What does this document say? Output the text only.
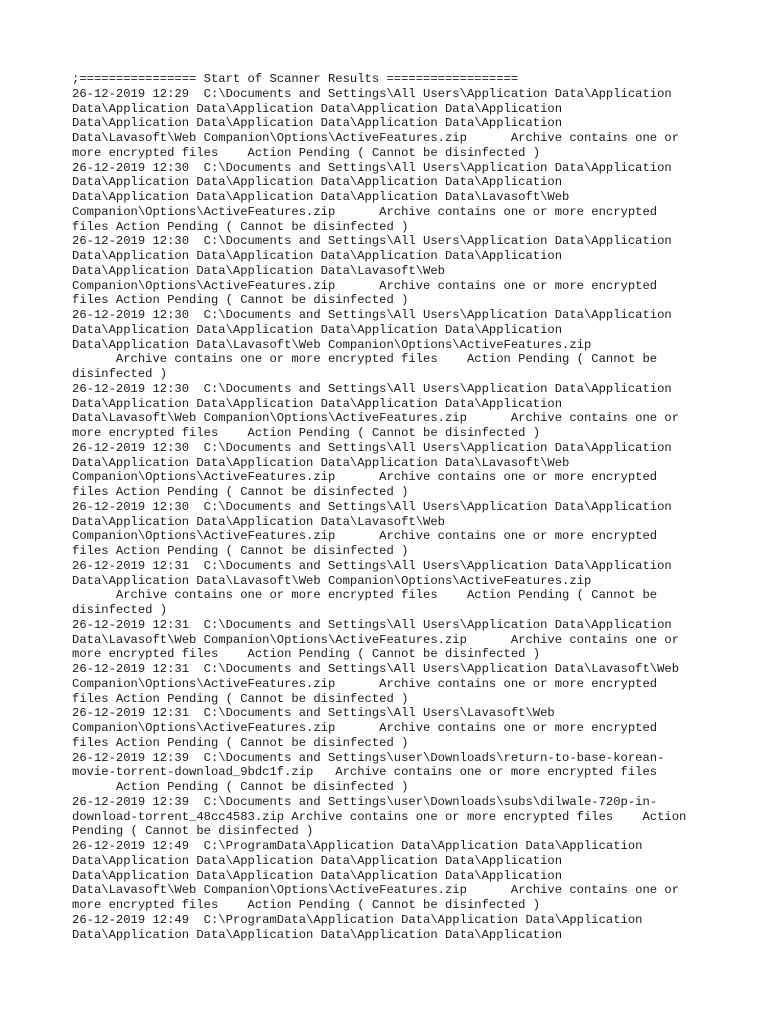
;================ Start of Scanner Results ==================
26-12-2019 12:29  C:\Documents and Settings\All Users\Application Data\Application
Data\Application Data\Application Data\Application Data\Application
Data\Application Data\Application Data\Application Data\Application
Data\Lavasoft\Web Companion\Options\ActiveFeatures.zip      Archive contains one or
more encrypted files    Action Pending ( Cannot be disinfected )
26-12-2019 12:30  C:\Documents and Settings\All Users\Application Data\Application
Data\Application Data\Application Data\Application Data\Application
Data\Application Data\Application Data\Application Data\Lavasoft\Web
Companion\Options\ActiveFeatures.zip      Archive contains one or more encrypted
files Action Pending ( Cannot be disinfected )
26-12-2019 12:30  C:\Documents and Settings\All Users\Application Data\Application
Data\Application Data\Application Data\Application Data\Application
Data\Application Data\Application Data\Lavasoft\Web
Companion\Options\ActiveFeatures.zip      Archive contains one or more encrypted
files Action Pending ( Cannot be disinfected )
26-12-2019 12:30  C:\Documents and Settings\All Users\Application Data\Application
Data\Application Data\Application Data\Application Data\Application
Data\Application Data\Lavasoft\Web Companion\Options\ActiveFeatures.zip
Archive contains one or more encrypted files    Action Pending ( Cannot be
disinfected )
26-12-2019 12:30  C:\Documents and Settings\All Users\Application Data\Application
Data\Application Data\Application Data\Application Data\Application
Data\Lavasoft\Web Companion\Options\ActiveFeatures.zip      Archive contains one or
more encrypted files    Action Pending ( Cannot be disinfected )
26-12-2019 12:30  C:\Documents and Settings\All Users\Application Data\Application
Data\Application Data\Application Data\Application Data\Lavasoft\Web
Companion\Options\ActiveFeatures.zip      Archive contains one or more encrypted
files Action Pending ( Cannot be disinfected )
26-12-2019 12:30  C:\Documents and Settings\All Users\Application Data\Application
Data\Application Data\Application Data\Lavasoft\Web
Companion\Options\ActiveFeatures.zip      Archive contains one or more encrypted
files Action Pending ( Cannot be disinfected )
26-12-2019 12:31  C:\Documents and Settings\All Users\Application Data\Application
Data\Application Data\Lavasoft\Web Companion\Options\ActiveFeatures.zip
Archive contains one or more encrypted files    Action Pending ( Cannot be
disinfected )
26-12-2019 12:31  C:\Documents and Settings\All Users\Application Data\Application
Data\Lavasoft\Web Companion\Options\ActiveFeatures.zip      Archive contains one or
more encrypted files    Action Pending ( Cannot be disinfected )
26-12-2019 12:31  C:\Documents and Settings\All Users\Application Data\Lavasoft\Web
Companion\Options\ActiveFeatures.zip      Archive contains one or more encrypted
files Action Pending ( Cannot be disinfected )
26-12-2019 12:31  C:\Documents and Settings\All Users\Lavasoft\Web
Companion\Options\ActiveFeatures.zip      Archive contains one or more encrypted
files Action Pending ( Cannot be disinfected )
26-12-2019 12:39  C:\Documents and Settings\user\Downloads\return-to-base-korean-
movie-torrent-download_9bdc1f.zip   Archive contains one or more encrypted files
Action Pending ( Cannot be disinfected )
26-12-2019 12:39  C:\Documents and Settings\user\Downloads\subs\dilwale-720p-in-
download-torrent_48cc4583.zip Archive contains one or more encrypted files    Action
Pending ( Cannot be disinfected )
26-12-2019 12:49  C:\ProgramData\Application Data\Application Data\Application
Data\Application Data\Application Data\Application Data\Application
Data\Application Data\Application Data\Application Data\Application
Data\Lavasoft\Web Companion\Options\ActiveFeatures.zip      Archive contains one or
more encrypted files    Action Pending ( Cannot be disinfected )
26-12-2019 12:49  C:\ProgramData\Application Data\Application Data\Application
Data\Application Data\Application Data\Application Data\Application
